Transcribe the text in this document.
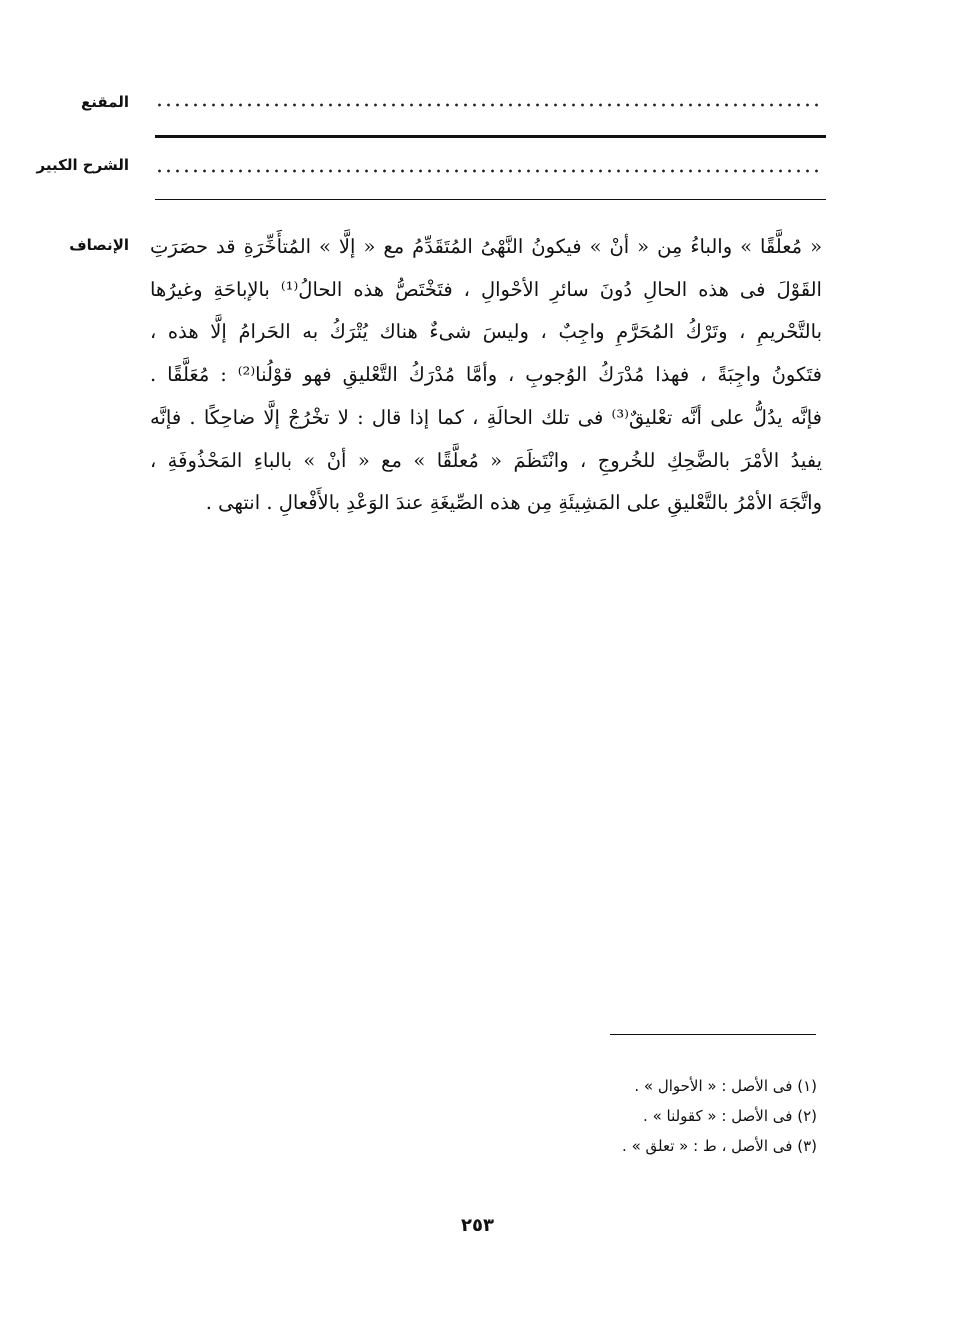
المقنع
الشرح الكبير
الإنصاف « مُعلَّقًا » والباءُ مِن « أنْ » فيكونُ النَّهْىُ المُتَقَدِّمُ مع « إلَّا » المُتأَخِّرَةِ قد حصَرَتِ
القَوْلَ فى هذه الحالِ دُونَ سائرِ الأحْوالِ ، فتَخْتَصُّ هذه الحالُ⁽¹⁾ بالإباحَةِ وغيرُها
بالتَّحْريمِ ، وتَرْكُ المُحَرَّمِ واجِبٌ ، وليسَ شىءٌ هناك يُتْرَكُ به الحَرامُ إلَّا هذه ،
فتَكونُ واجِبَةً ، فهذا مُدْرَكُ الوُجوبِ ، وأمَّا مُدْرَكُ التَّعْليقِ فهو قوْلُنا⁽²⁾ : مُعَلَّقًا .
فإنَّه يدُلُّ على أنَّه تعْليقٌ⁽³⁾ فى تلك الحالَةِ ، كما إذا قال : لا تخْرُجْ إلَّا ضاحِكًا . فإنَّه
يفيدُ الأمْرَ بالضَّحِكِ للخُروجِ ، وانْتَظَمَ « مُعلَّقًا » مع « أنْ » بالباءِ المَحْذُوفَةِ ،
واتَّجَهَ الأمْرُ بالتَّعْليقِ على المَشِيئَةِ مِن هذه الصِّيغَةِ عندَ الوَعْدِ بالأَفْعالِ . انتهى .
(١) فى الأصل : « الأحوال » .
(٢) فى الأصل : « كقولنا » .
(٣) فى الأصل ، ط : « تعلق » .
٢٥٣
